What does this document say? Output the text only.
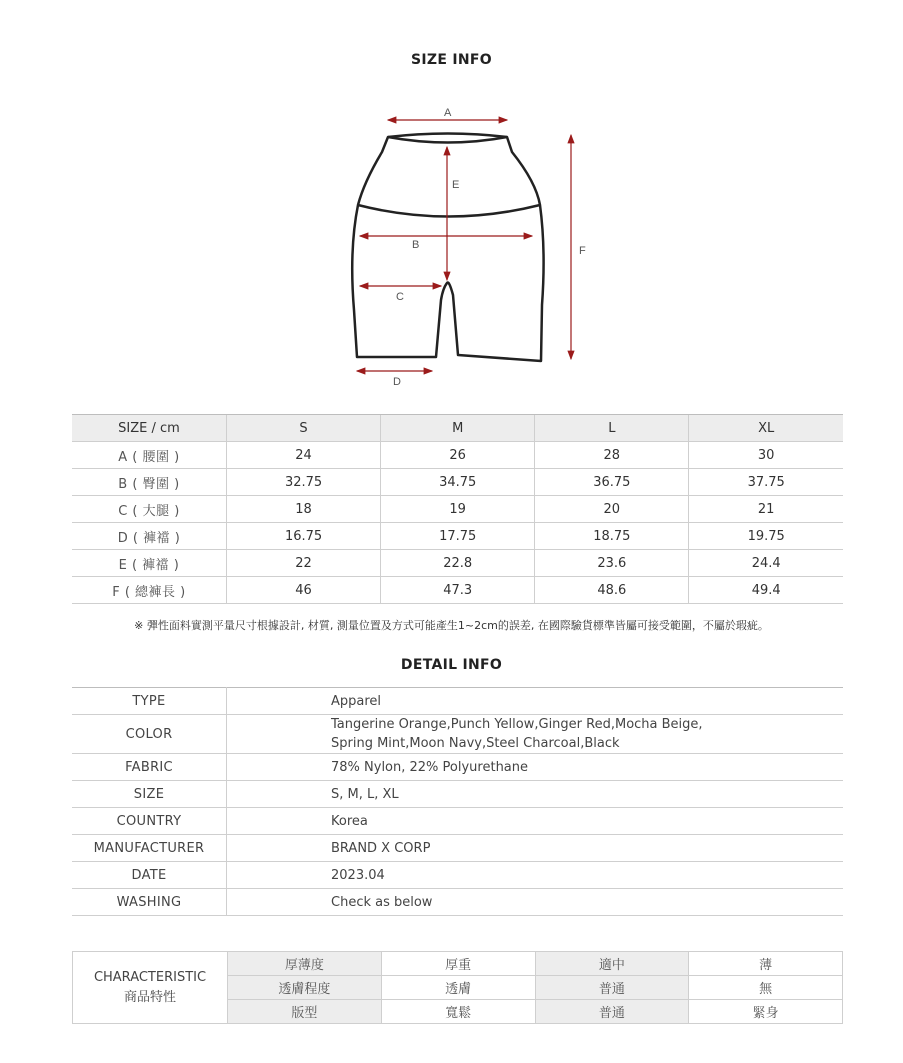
SIZE INFO
A
E
B
C
D
F
SIZE / cm	S	M	L	XL
A ( 腰圍 )	24	26	28	30
B ( 臀圍 )	32.75	34.75	36.75	37.75
C ( 大腿 )	18	19	20	21
D ( 褲襠 )	16.75	17.75	18.75	19.75
E ( 褲襠 )	22	22.8	23.6	24.4
F ( 總褲長 )	46	47.3	48.6	49.4
※ 彈性面料實測平量尺寸根據設計, 材質, 測量位置及方式可能產生1~2cm的誤差, 在國際驗貨標準皆屬可接受範圍，不屬於瑕疵。
DETAIL INFO
TYPE	Apparel
COLOR	Tangerine Orange,Punch Yellow,Ginger Red,Mocha Beige,
Spring Mint,Moon Navy,Steel Charcoal,Black

FABRIC	78% Nylon, 22% Polyurethane
SIZE	S, M, L, XL
COUNTRY	Korea
MANUFACTURER	BRAND X CORP
DATE	2023.04
WASHING	Check as below
CHARACTERISTIC
商品特性	厚薄度	厚重	適中	薄
	透膚程度	透膚	普通	無
	版型	寬鬆	普通	緊身
